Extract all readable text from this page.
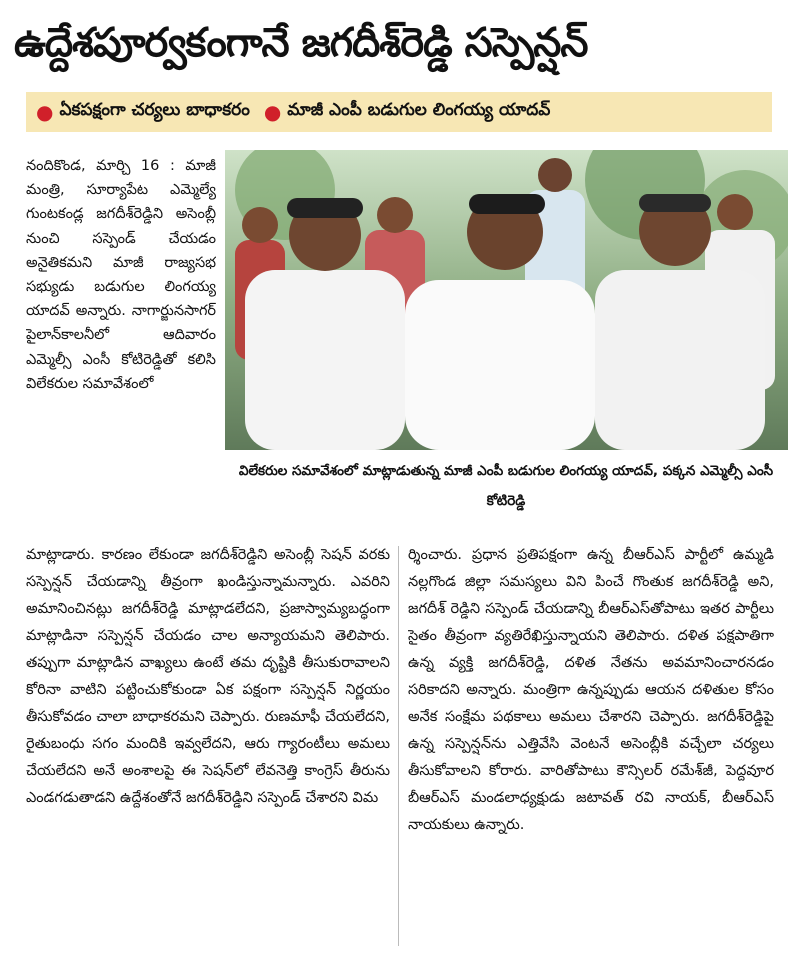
ఉద్దేశపూర్వకంగానే జగదీశ్‌రెడ్డి సస్పెన్షన్
● ఏకపక్షంగా చర్యలు బాధాకరం ● మాజీ ఎంపీ బడుగుల లింగయ్య యాదవ్
విలేకరుల సమావేశంలో మాట్లాడుతున్న మాజీ ఎంపీ బడుగుల లింగయ్య యాదవ్, పక్కన ఎమ్మెల్సీ ఎంసీ కోటిరెడ్డి

నందికొండ, మార్చి 16 : మాజీ మంత్రి, సూర్యాపేట ఎమ్మెల్యే గుంటకండ్ల జగదీశ్‌రెడ్డిని అసెంబ్లీ నుంచి సస్పెండ్ చేయడం అనైతికమని మాజీ రాజ్యసభ సభ్యుడు బడుగుల లింగయ్య యాదవ్ అన్నారు. నాగార్జునసాగర్ పైలాన్‌కాలనీలో ఆదివారం ఎమ్మెల్సీ ఎంసీ కోటిరెడ్డితో కలిసి విలేకరుల సమావేశంలో

మాట్లాడారు. కారణం లేకుండా జగదీశ్‌రెడ్డిని అసెంబ్లీ సెషన్ వరకు సస్పెన్షన్ చేయడాన్ని తీవ్రంగా ఖండిస్తున్నామన్నారు. ఎవరిని అమానించినట్లు జగదీశ్‌రెడ్డి మాట్లాడలేదని, ప్రజాస్వామ్యబద్ధంగా మాట్లాడినా సస్పెన్షన్ చేయడం చాల అన్యాయమని తెలిపారు. తప్పుగా మాట్లాడిన వాఖ్యలు ఉంటే తమ దృష్టికి తీసుకురావాలని కోరినా వాటిని పట్టించుకోకుండా ఏక పక్షంగా సస్పెన్షన్ నిర్ణయం తీసుకోవడం చాలా బాధాకరమని చెప్పారు. రుణమాఫీ చేయలేదని, రైతుబంధు సగం మందికి ఇవ్వలేదని, ఆరు గ్యారంటీలు అమలు చేయలేదని అనే అంశాలపై ఈ సెషన్‌లో లేవనెత్తి కాంగ్రెస్ తీరును ఎండగడుతాడని ఉద్దేశంతోనే జగదీశ్‌రెడ్డిని సస్పెండ్ చేశారని విమ

ర్శించారు. ప్రధాన ప్రతిపక్షంగా ఉన్న బీఆర్ఎస్ పార్టీలో ఉమ్మడి నల్లగొండ జిల్లా సమస్యలు విని పించే గొంతుక జగదీశ్‌రెడ్డి అని, జగదీశ్ రెడ్డిని సస్పెండ్ చేయడాన్ని బీఆర్ఎస్‌తోపాటు ఇతర పార్టీలు సైతం తీవ్రంగా వ్యతిరేఖిస్తున్నాయని తెలిపారు. దళిత పక్షపాతిగా ఉన్న వ్యక్తి జగదీశ్‌రెడ్డి, దళిత నేతను అవమానించారనడం సరికాదని అన్నారు. మంత్రిగా ఉన్నప్పుడు ఆయన దళితుల కోసం అనేక సంక్షేమ పథకాలు అమలు చేశారని చెప్పారు. జగదీశ్‌రెడ్డిపై ఉన్న సస్పెన్షన్‌ను ఎత్తివేసి వెంటనే అసెంబ్లీకి వచ్చేలా చర్యలు తీసుకోవాలని కోరారు. వారితోపాటు కౌన్సిలర్ రమేశ్‌జీ, పెద్దవూర బీఆర్ఎస్ మండలాధ్యక్షుడు జటావత్ రవి నాయక్, బీఆర్ఎస్ నాయకులు ఉన్నారు.
